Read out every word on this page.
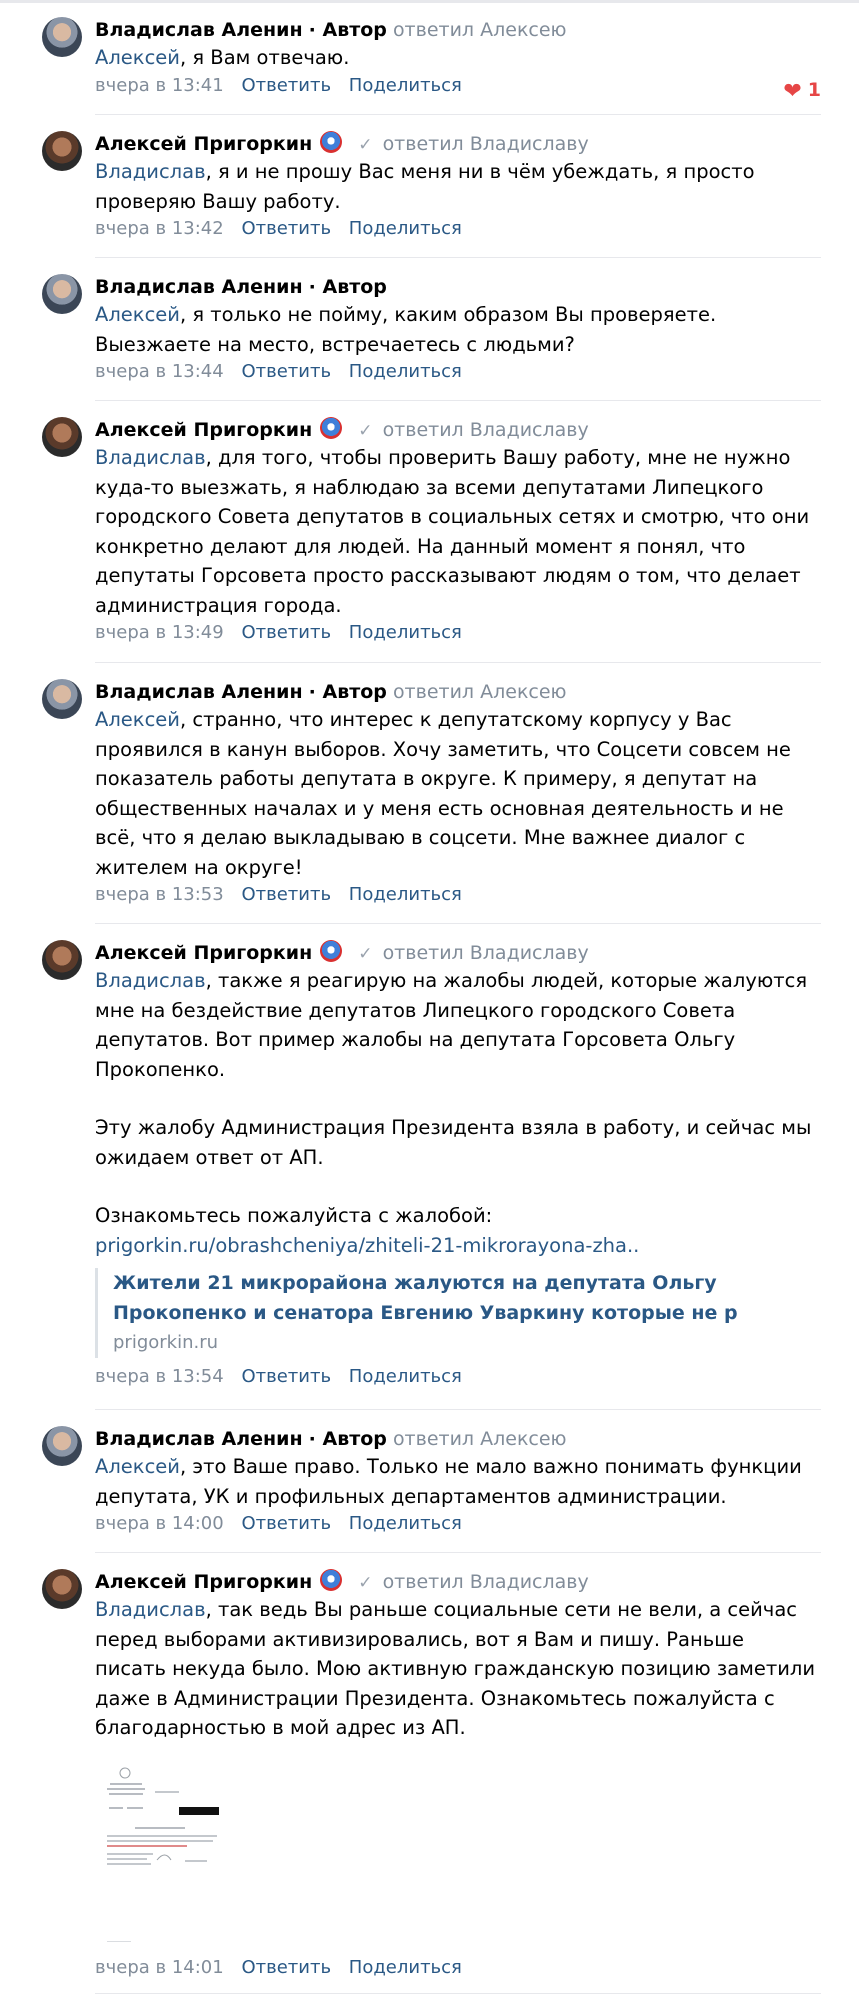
Владислав Аленин · Автор ответил Алексею
Алексей, я Вам отвечаю.
вчера в 13:41 Ответить Поделиться	❤ 1
Алексей Пригоркин	✓ ответил Владиславу
Владислав, я и не прошу Вас меня ни в чём убеждать, я просто проверяю Вашу работу.
вчера в 13:42 Ответить Поделиться
Владислав Аленин · Автор
Алексей, я только не пойму, каким образом Вы проверяете. Выезжаете на место, встречаетесь с людьми?
вчера в 13:44 Ответить Поделиться
Алексей Пригоркин	✓ ответил Владиславу
Владислав, для того, чтобы проверить Вашу работу, мне не нужно куда-то выезжать, я наблюдаю за всеми депутатами Липецкого городского Совета депутатов в социальных сетях и смотрю, что они конкретно делают для людей. На данный момент я понял, что депутаты Горсовета просто рассказывают людям о том, что делает администрация города.
вчера в 13:49 Ответить Поделиться
Владислав Аленин · Автор ответил Алексею
Алексей, странно, что интерес к депутатскому корпусу у Вас проявился в канун выборов. Хочу заметить, что Соцсети совсем не показатель работы депутата в округе. К примеру, я депутат на общественных началах и у меня есть основная деятельность и не всё, что я делаю выкладываю в соцсети. Мне важнее диалог с жителем на округе!
вчера в 13:53 Ответить Поделиться
Алексей Пригоркин	✓ ответил Владиславу
Владислав, также я реагирую на жалобы людей, которые жалуются мне на бездействие депутатов Липецкого городского Совета депутатов. Вот пример жалобы на депутата Горсовета Ольгу Прокопенко.
Эту жалобу Администрация Президента взяла в работу, и сейчас мы ожидаем ответ от АП.
Ознакомьтесь пожалуйста с жалобой: prigorkin.ru/obrashcheniya/zhiteli-21-mikrorayona-zha..
Жители 21 микрорайона жалуются на депутата Ольгу
Прокопенко и сенатора Евгению Уваркину которые не р
prigorkin.ru
вчера в 13:54 Ответить Поделиться
Владислав Аленин · Автор ответил Алексею
Алексей, это Ваше право. Только не мало важно понимать функции депутата, УК и профильных департаментов администрации.
вчера в 14:00 Ответить Поделиться
Алексей Пригоркин	✓ ответил Владиславу
Владислав, так ведь Вы раньше социальные сети не вели, а сейчас перед выборами активизировались, вот я Вам и пишу. Раньше писать некуда было. Мою активную гражданскую позицию заметили даже в Администрации Президента. Ознакомьтесь пожалуйста с благодарностью в мой адрес из АП.
вчера в 14:01 Ответить Поделиться
